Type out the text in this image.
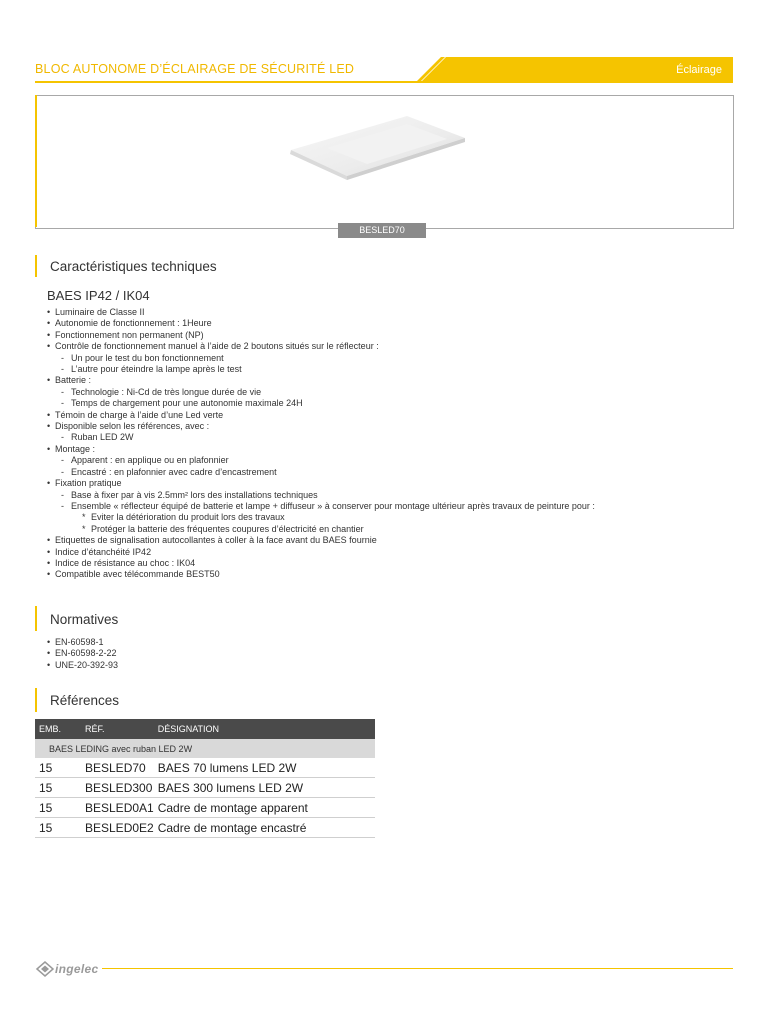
BLOC AUTONOME D’ÉCLAIRAGE DE SÉCURITÉ LED	Éclairage
BESLED70
Caractéristiques techniques
BAES IP42 / IK04
• Luminaire de Classe II
• Autonomie de fonctionnement : 1Heure
• Fonctionnement non permanent (NP)
• Contrôle de fonctionnement manuel à l’aide de 2 boutons situés sur le réflecteur :
- Un pour le test du bon fonctionnement
- L’autre pour éteindre la lampe après le test
• Batterie :
- Technologie : Ni-Cd de très longue durée de vie
- Temps de chargement pour une autonomie maximale 24H
• Témoin de charge à l’aide d’une Led verte
• Disponible selon les références, avec :
- Ruban LED 2W
• Montage :
- Apparent : en applique ou en plafonnier
- Encastré : en plafonnier avec cadre d’encastrement
• Fixation pratique
- Base à fixer par à vis 2.5mm² lors des installations techniques
- Ensemble « réflecteur équipé de batterie et lampe + diffuseur » à conserver pour montage ultérieur après travaux de peinture pour :
* Eviter la détérioration du produit lors des travaux
* Protéger la batterie des fréquentes coupures d’électricité en chantier
• Etiquettes de signalisation autocollantes à coller à la face avant du BAES fournie
• Indice d’étanchéité IP42
• Indice de résistance au choc : IK04
• Compatible avec télécommande BEST50
Normatives
• EN-60598-1
• EN-60598-2-22
• UNE-20-392-93
Références
EMB.	RÉF.	DÉSIGNATION
BAES LEDING avec ruban LED 2W		
15	BESLED70	BAES 70 lumens LED 2W
15	BESLED300	BAES 300 lumens LED 2W
15	BESLED0A1	Cadre de montage apparent
15	BESLED0E2	Cadre de montage encastré
ingelec
